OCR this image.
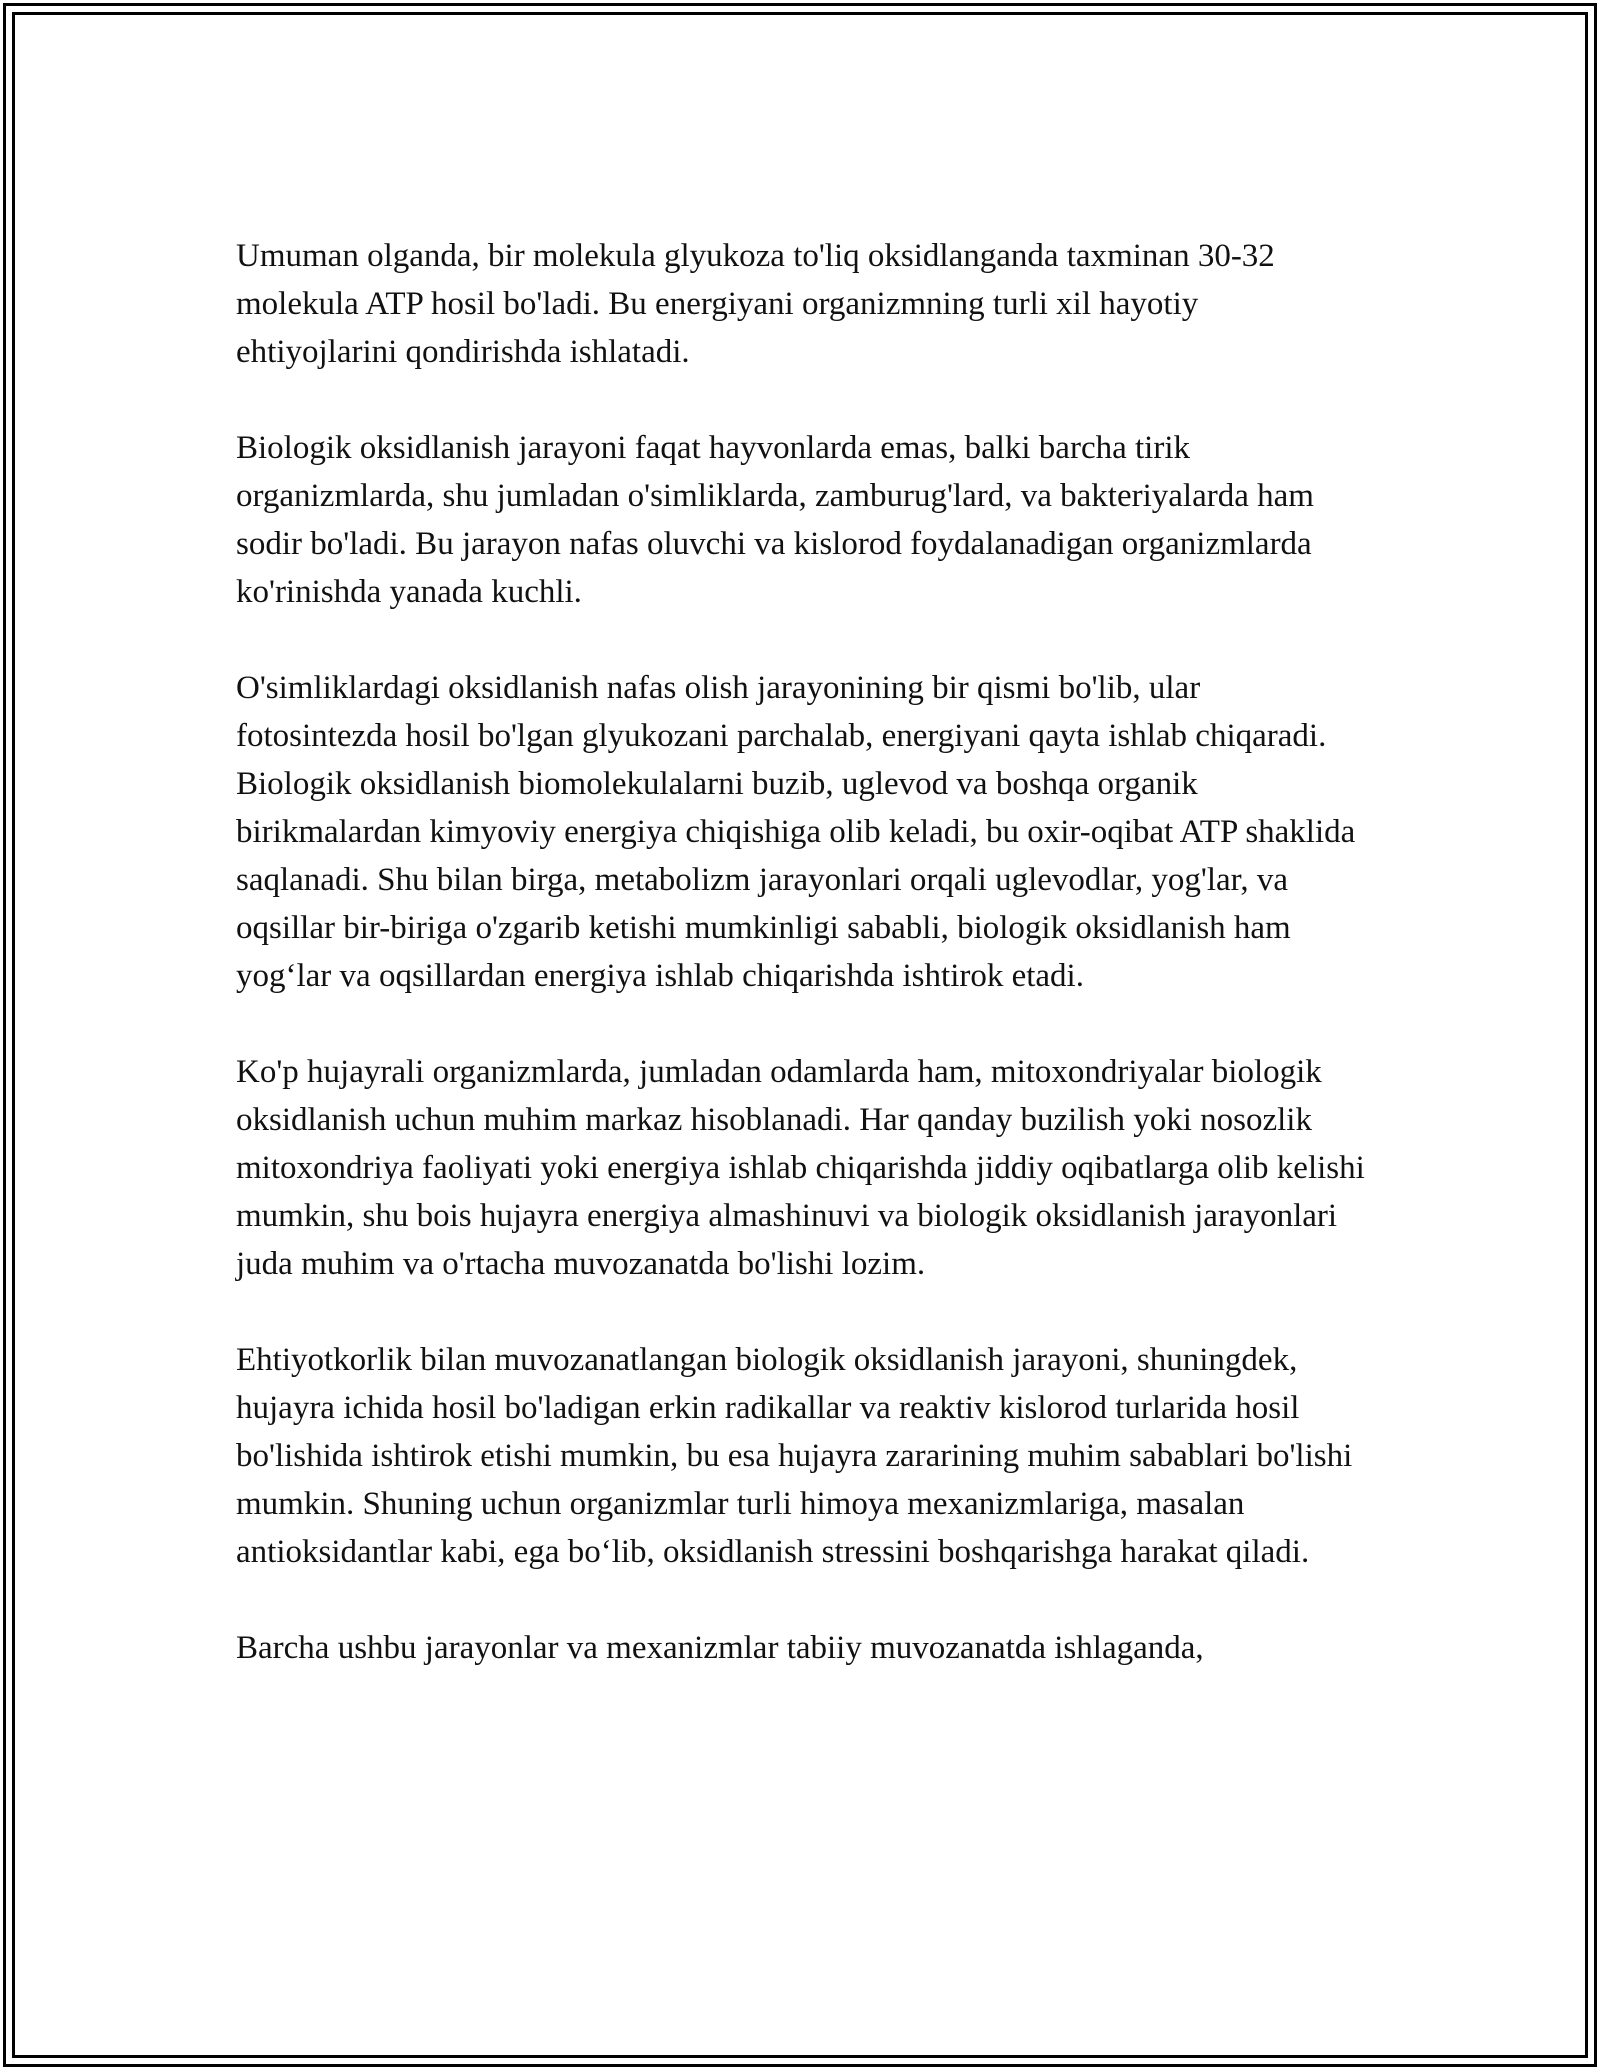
Umuman olganda, bir molekula glyukoza to'liq oksidlanganda taxminan 30-32 molekula ATP hosil bo'ladi. Bu energiyani organizmning turli xil hayotiy ehtiyojlarini qondirishda ishlatadi.

Biologik oksidlanish jarayoni faqat hayvonlarda emas, balki barcha tirik organizmlarda, shu jumladan o'simliklarda, zamburug'lard, va bakteriyalarda ham sodir bo'ladi. Bu jarayon nafas oluvchi va kislorod foydalanadigan organizmlarda ko'rinishda yanada kuchli.

O'simliklardagi oksidlanish nafas olish jarayonining bir qismi bo'lib, ular fotosintezda hosil bo'lgan glyukozani parchalab, energiyani qayta ishlab chiqaradi. Biologik oksidlanish biomolekulalarni buzib, uglevod va boshqa organik birikmalardan kimyoviy energiya chiqishiga olib keladi, bu oxir-oqibat ATP shaklida saqlanadi. Shu bilan birga, metabolizm jarayonlari orqali uglevodlar, yog'lar, va oqsillar bir-biriga o'zgarib ketishi mumkinligi sababli, biologik oksidlanish ham yog‘lar va oqsillardan energiya ishlab chiqarishda ishtirok etadi.

Ko'p hujayrali organizmlarda, jumladan odamlarda ham, mitoxondriyalar biologik oksidlanish uchun muhim markaz hisoblanadi. Har qanday buzilish yoki nosozlik mitoxondriya faoliyati yoki energiya ishlab chiqarishda jiddiy oqibatlarga olib kelishi mumkin, shu bois hujayra energiya almashinuvi va biologik oksidlanish jarayonlari juda muhim va o'rtacha muvozanatda bo'lishi lozim.

Ehtiyotkorlik bilan muvozanatlangan biologik oksidlanish jarayoni, shuningdek, hujayra ichida hosil bo'ladigan erkin radikallar va reaktiv kislorod turlarida hosil bo'lishida ishtirok etishi mumkin, bu esa hujayra zararining muhim sabablari bo'lishi mumkin. Shuning uchun organizmlar turli himoya mexanizmlariga, masalan antioksidantlar kabi, ega bo‘lib, oksidlanish stressini boshqarishga harakat qiladi.

Barcha ushbu jarayonlar va mexanizmlar tabiiy muvozanatda ishlaganda,
